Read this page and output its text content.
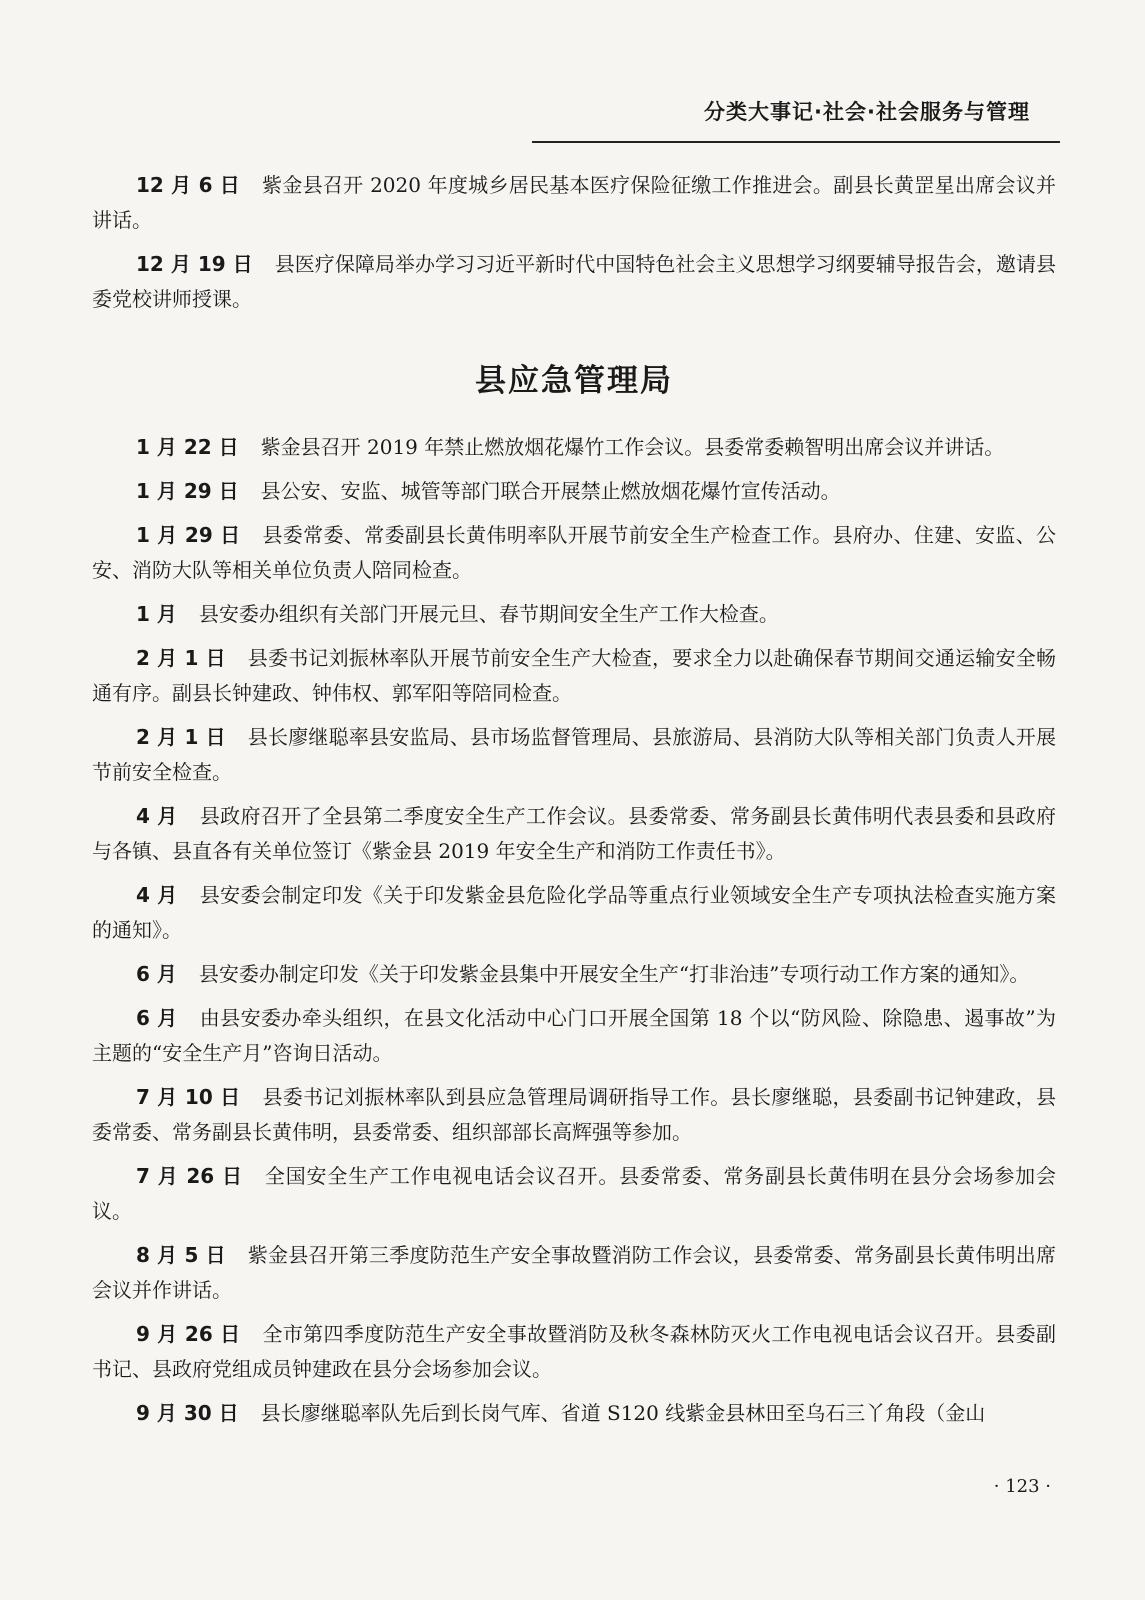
分类大事记·社会·社会服务与管理

12 月 6 日 紫金县召开 2020 年度城乡居民基本医疗保险征缴工作推进会。副县长黄罡星出席会议并讲话。

12 月 19 日 县医疗保障局举办学习习近平新时代中国特色社会主义思想学习纲要辅导报告会，邀请县委党校讲师授课。

县应急管理局

1 月 22 日 紫金县召开 2019 年禁止燃放烟花爆竹工作会议。县委常委赖智明出席会议并讲话。

1 月 29 日 县公安、安监、城管等部门联合开展禁止燃放烟花爆竹宣传活动。

1 月 29 日 县委常委、常委副县长黄伟明率队开展节前安全生产检查工作。县府办、住建、安监、公安、消防大队等相关单位负责人陪同检查。

1 月 县安委办组织有关部门开展元旦、春节期间安全生产工作大检查。

2 月 1 日 县委书记刘振林率队开展节前安全生产大检查，要求全力以赴确保春节期间交通运输安全畅通有序。副县长钟建政、钟伟权、郭军阳等陪同检查。

2 月 1 日 县长廖继聪率县安监局、县市场监督管理局、县旅游局、县消防大队等相关部门负责人开展节前安全检查。

4 月 县政府召开了全县第二季度安全生产工作会议。县委常委、常务副县长黄伟明代表县委和县政府与各镇、县直各有关单位签订《紫金县 2019 年安全生产和消防工作责任书》。

4 月 县安委会制定印发《关于印发紫金县危险化学品等重点行业领域安全生产专项执法检查实施方案的通知》。

6 月 县安委办制定印发《关于印发紫金县集中开展安全生产“打非治违”专项行动工作方案的通知》。

6 月 由县安委办牵头组织，在县文化活动中心门口开展全国第 18 个以“防风险、除隐患、遏事故”为主题的“安全生产月”咨询日活动。

7 月 10 日 县委书记刘振林率队到县应急管理局调研指导工作。县长廖继聪，县委副书记钟建政，县委常委、常务副县长黄伟明，县委常委、组织部部长高辉强等参加。

7 月 26 日 全国安全生产工作电视电话会议召开。县委常委、常务副县长黄伟明在县分会场参加会议。

8 月 5 日 紫金县召开第三季度防范生产安全事故暨消防工作会议，县委常委、常务副县长黄伟明出席会议并作讲话。

9 月 26 日 全市第四季度防范生产安全事故暨消防及秋冬森林防灭火工作电视电话会议召开。县委副书记、县政府党组成员钟建政在县分会场参加会议。

9 月 30 日 县长廖继聪率队先后到长岗气库、省道 S120 线紫金县林田至乌石三丫角段（金山

· 123 ·
